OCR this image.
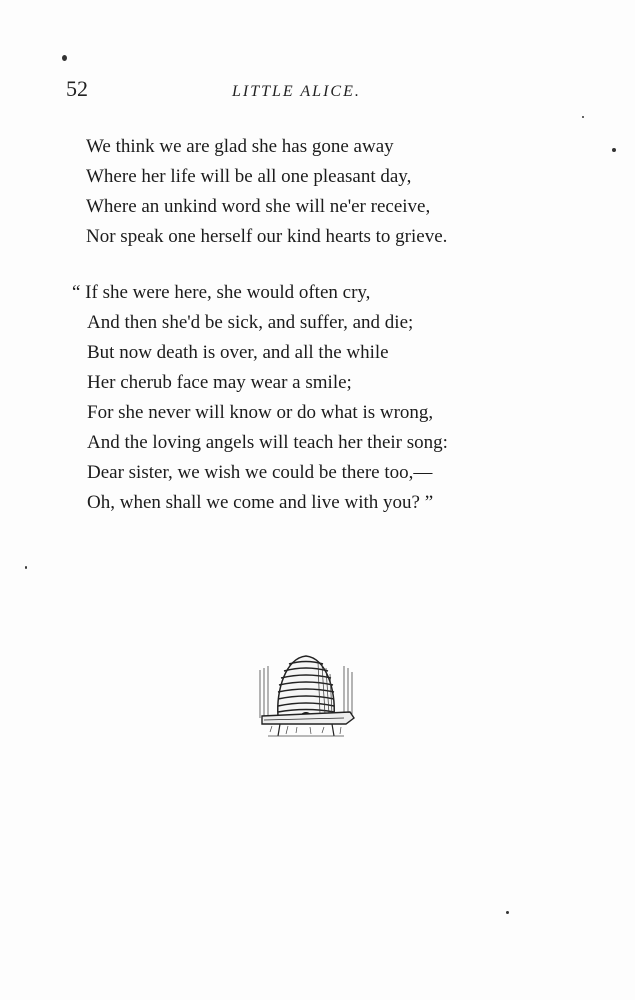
52	LITTLE ALICE.
We think we are glad she has gone away
Where her life will be all one pleasant day,
Where an unkind word she will ne'er receive,
Nor speak one herself our kind hearts to grieve.
“ If she were here, she would often cry,
And then she'd be sick, and suffer, and die;
But now death is over, and all the while
Her cherub face may wear a smile;
For she never will know or do what is wrong,
And the loving angels will teach her their song:
Dear sister, we wish we could be there too,—
Oh, when shall we come and live with you? ”
